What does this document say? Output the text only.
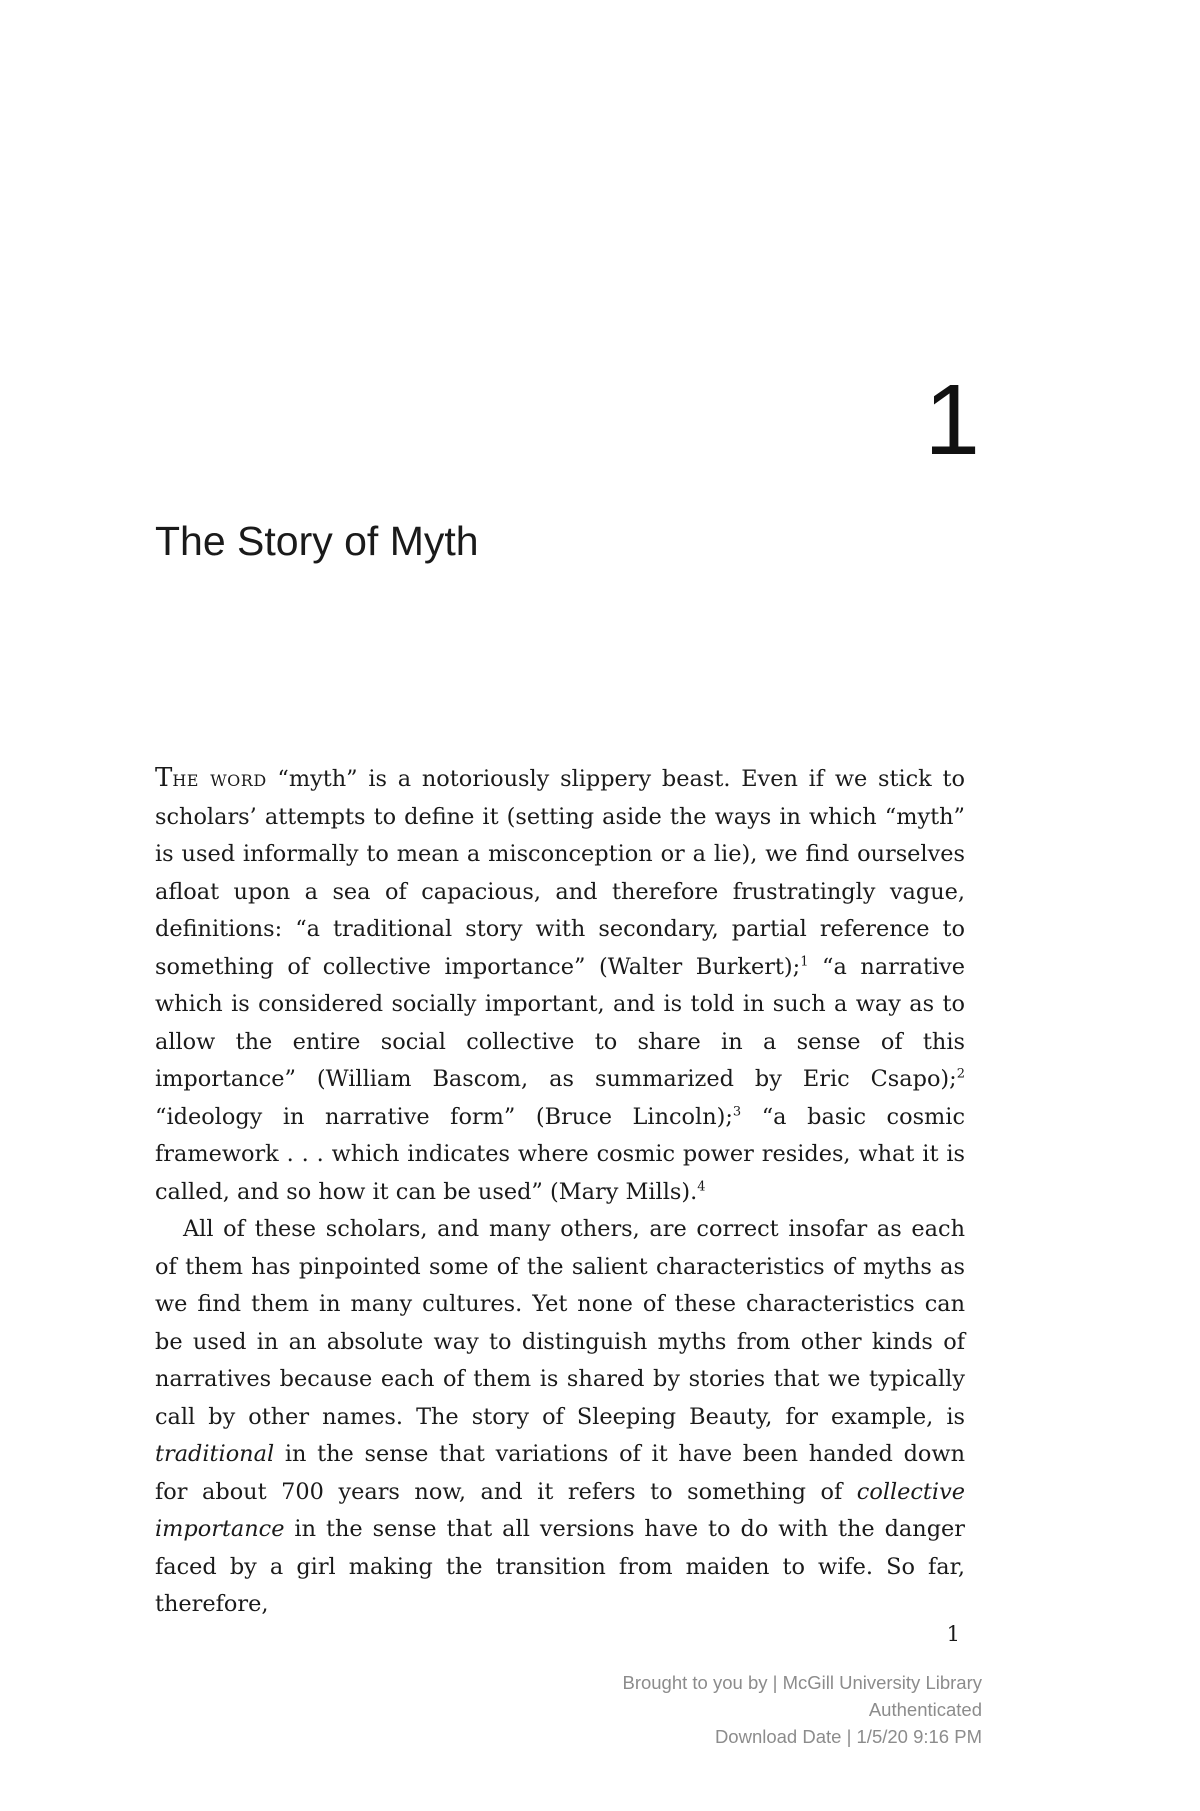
1
The Story of Myth

The word “myth” is a notoriously slippery beast. Even if we stick to scholars’ attempts to define it (setting aside the ways in which “myth” is used informally to mean a misconception or a lie), we find ourselves afloat upon a sea of capacious, and therefore frustratingly vague, definitions: “a traditional story with secondary, partial reference to something of collective importance” (Walter Burkert);$^1$ “a narrative which is considered socially important, and is told in such a way as to allow the entire social collective to share in a sense of this importance” (William Bascom, as summarized by Eric Csapo);$^2$ “ideology in narrative form” (Bruce Lincoln);$^3$ “a basic cosmic framework . . . which indicates where cosmic power resides, what it is called, and so how it can be used” (Mary Mills).$^4$

All of these scholars, and many others, are correct insofar as each of them has pinpointed some of the salient characteristics of myths as we find them in many cultures. Yet none of these characteristics can be used in an absolute way to distinguish myths from other kinds of narratives because each of them is shared by stories that we typically call by other names. The story of Sleeping Beauty, for example, is traditional in the sense that variations of it have been handed down for about 700 years now, and it refers to something of collective importance in the sense that all versions have to do with the danger faced by a girl making the transition from maiden to wife. So far, therefore,

1
Brought to you by | McGill University Library
Authenticated
Download Date | 1/5/20 9:16 PM
